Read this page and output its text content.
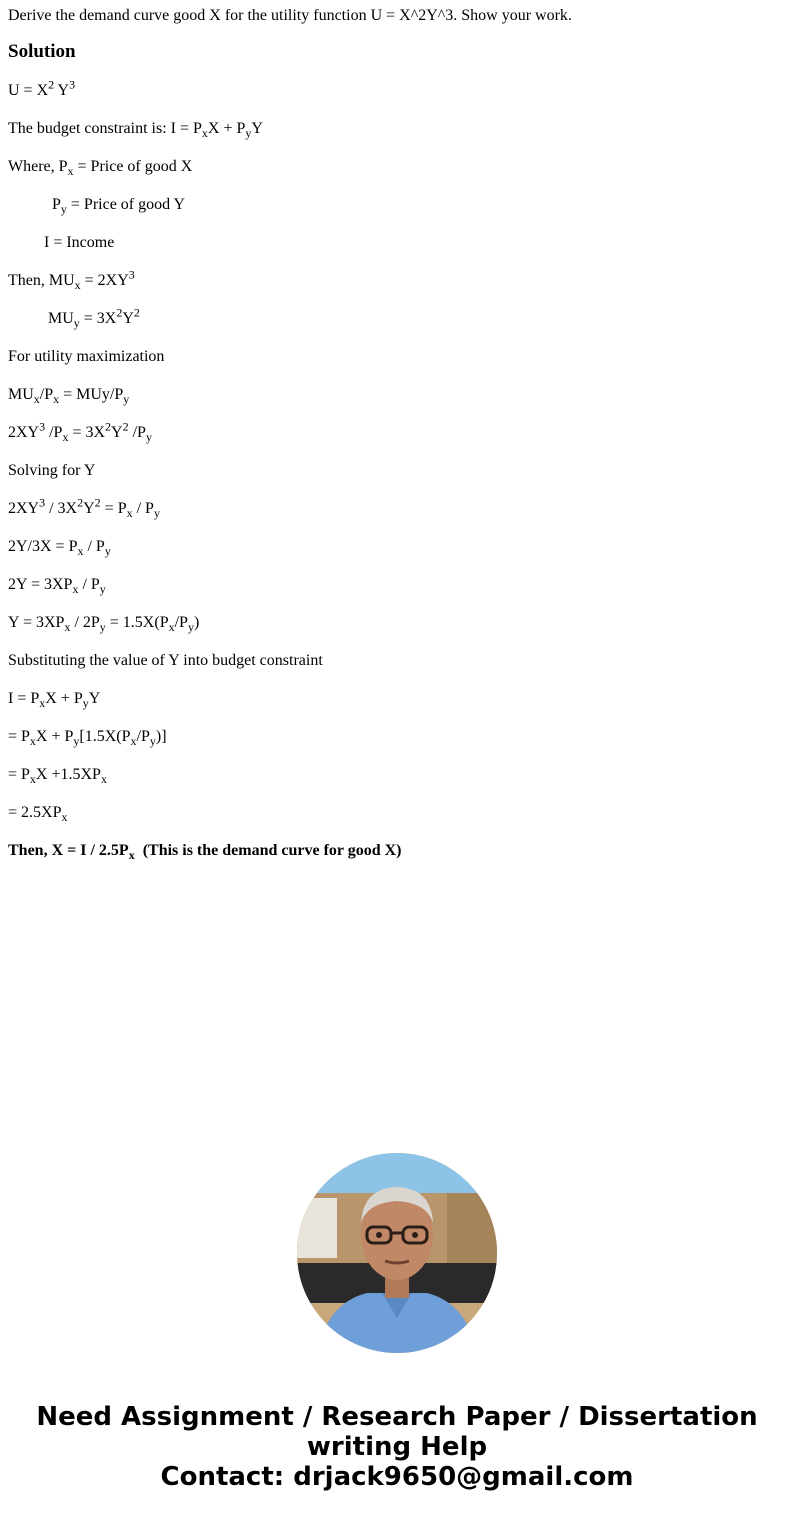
Derive the demand curve good X for the utility function U = X^2Y^3. Show your work.
Solution
$U = X^2$ $Y^3$
The budget constraint is: $I = P_xX + P_yY$
Where, $P_x$ = Price of good X
$P_y$ = Price of good Y
I = Income
Then, $MU_x = 2XY^3$
$MU_y = 3X^2Y^2$
For utility maximization
$MU_x/P_x = MUy/P_y$
$2XY^3$ $/P_x = 3X^2Y^2$ $/P_y$
Solving for Y
$2XY^3 / 3X^2Y^2 = P_x / P_y$
$2Y/3X = P_x / P_y$
$2Y = 3XP_x / P_y$
$Y = 3XP_x / 2P_y = 1.5X(P_x/P_y)$
Substituting the value of Y into budget constraint
$I = P_xX + P_yY$
= $P_xX + P_y[1.5X(P_x/P_y)]$
= $P_xX +1.5XP_x$
= $2.5XP_x$
Then, $X = I / 2.5P_x$  (This is the demand curve for good X)
Need Assignment / Research Paper / Dissertation
writing Help
Contact: drjack9650@gmail.com
